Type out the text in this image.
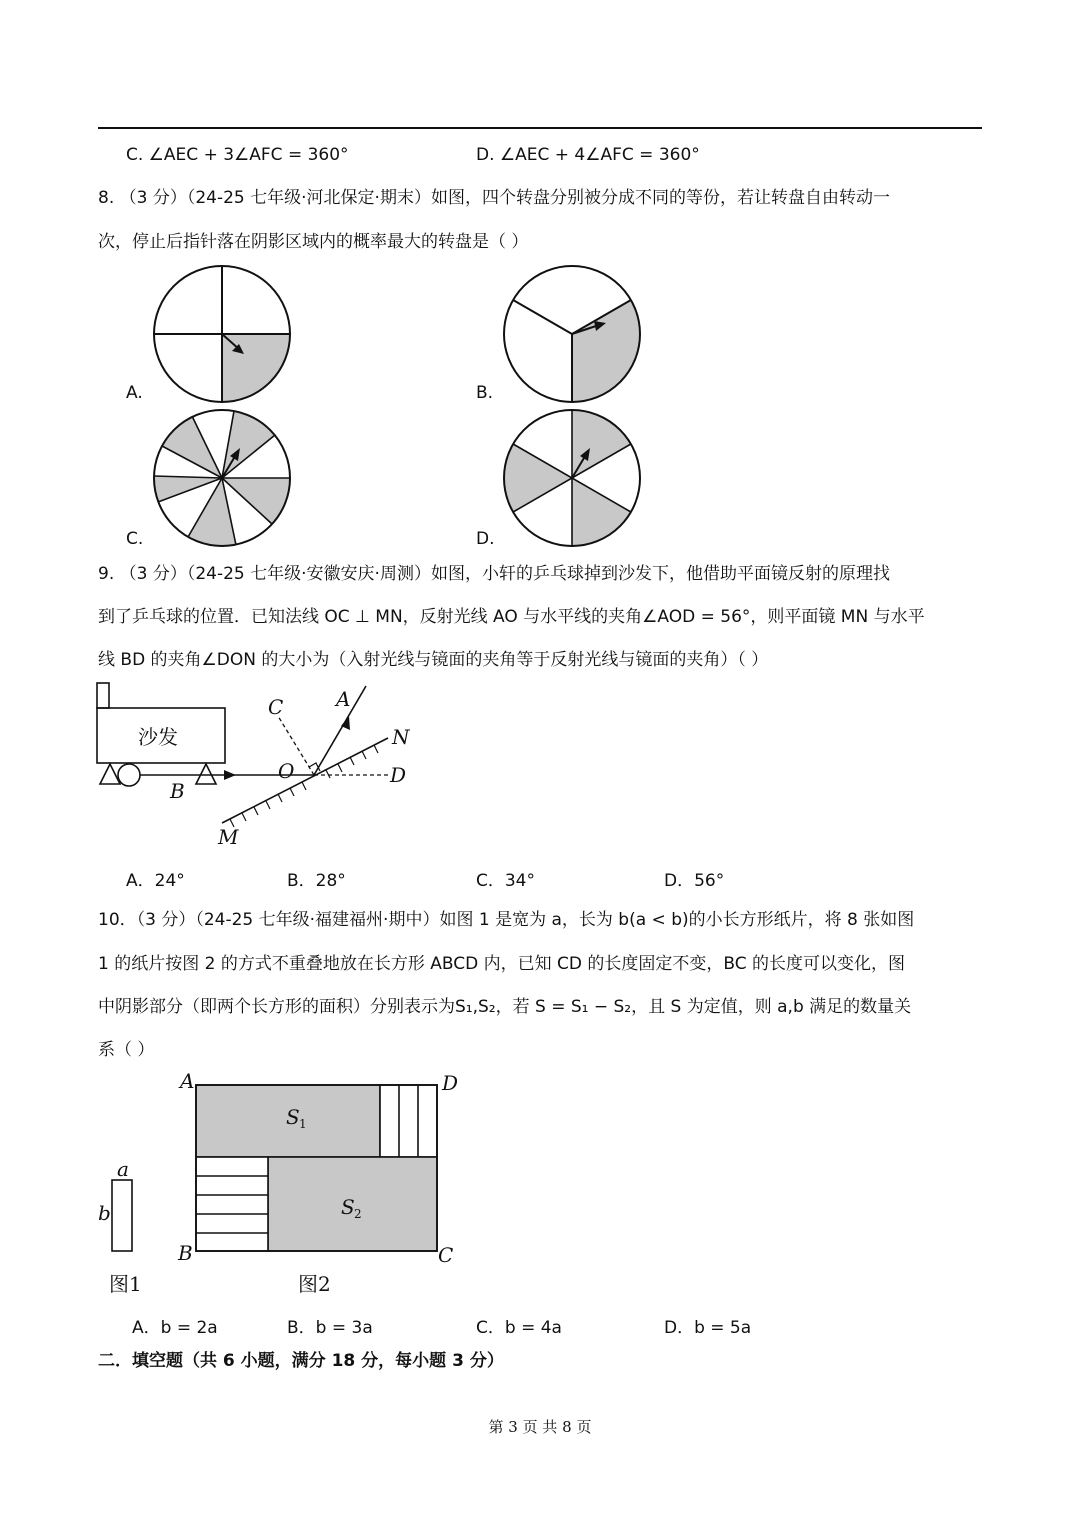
C. ∠AEC + 3∠AFC = 360°	D. ∠AEC + 4∠AFC = 360°
8. （3 分）（24-25 七年级·河北保定·期末）如图，四个转盘分别被分成不同的等份，若让转盘自由转动一
次，停止后指针落在阴影区域内的概率最大的转盘是（ ）
A.	B.
C.	D.
9. （3 分）（24-25 七年级·安徽安庆·周测）如图，小轩的乒乓球掉到沙发下，他借助平面镜反射的原理找
到了乒乓球的位置．已知法线 OC ⊥ MN，反射光线 AO 与水平线的夹角∠AOD = 56°，则平面镜 MN 与水平
线 BD 的夹角∠DON 的大小为（入射光线与镜面的夹角等于反射光线与镜面的夹角）（ ）
沙发
B
D
M
N
C	A
O
A．24°	B．28°	C．34°	D．56°
10．（3 分）（24-25 七年级·福建福州·期中）如图 1 是宽为 a，长为 b(a < b)的小长方形纸片，将 8 张如图
1 的纸片按图 2 的方式不重叠地放在长方形 ABCD 内，已知 CD 的长度固定不变，BC 的长度可以变化，图
中阴影部分（即两个长方形的面积）分别表示为S₁,S₂，若 S = S₁ − S₂，且 S 为定值，则 a,b 满足的数量关
系（ ）
a
b
图1
A	D
B	C
S 1
S 2
图2
A．b = 2a	B．b = 3a	C．b = 4a	D．b = 5a
二．填空题（共 6 小题，满分 18 分，每小题 3 分）
第 3 页 共 8 页
